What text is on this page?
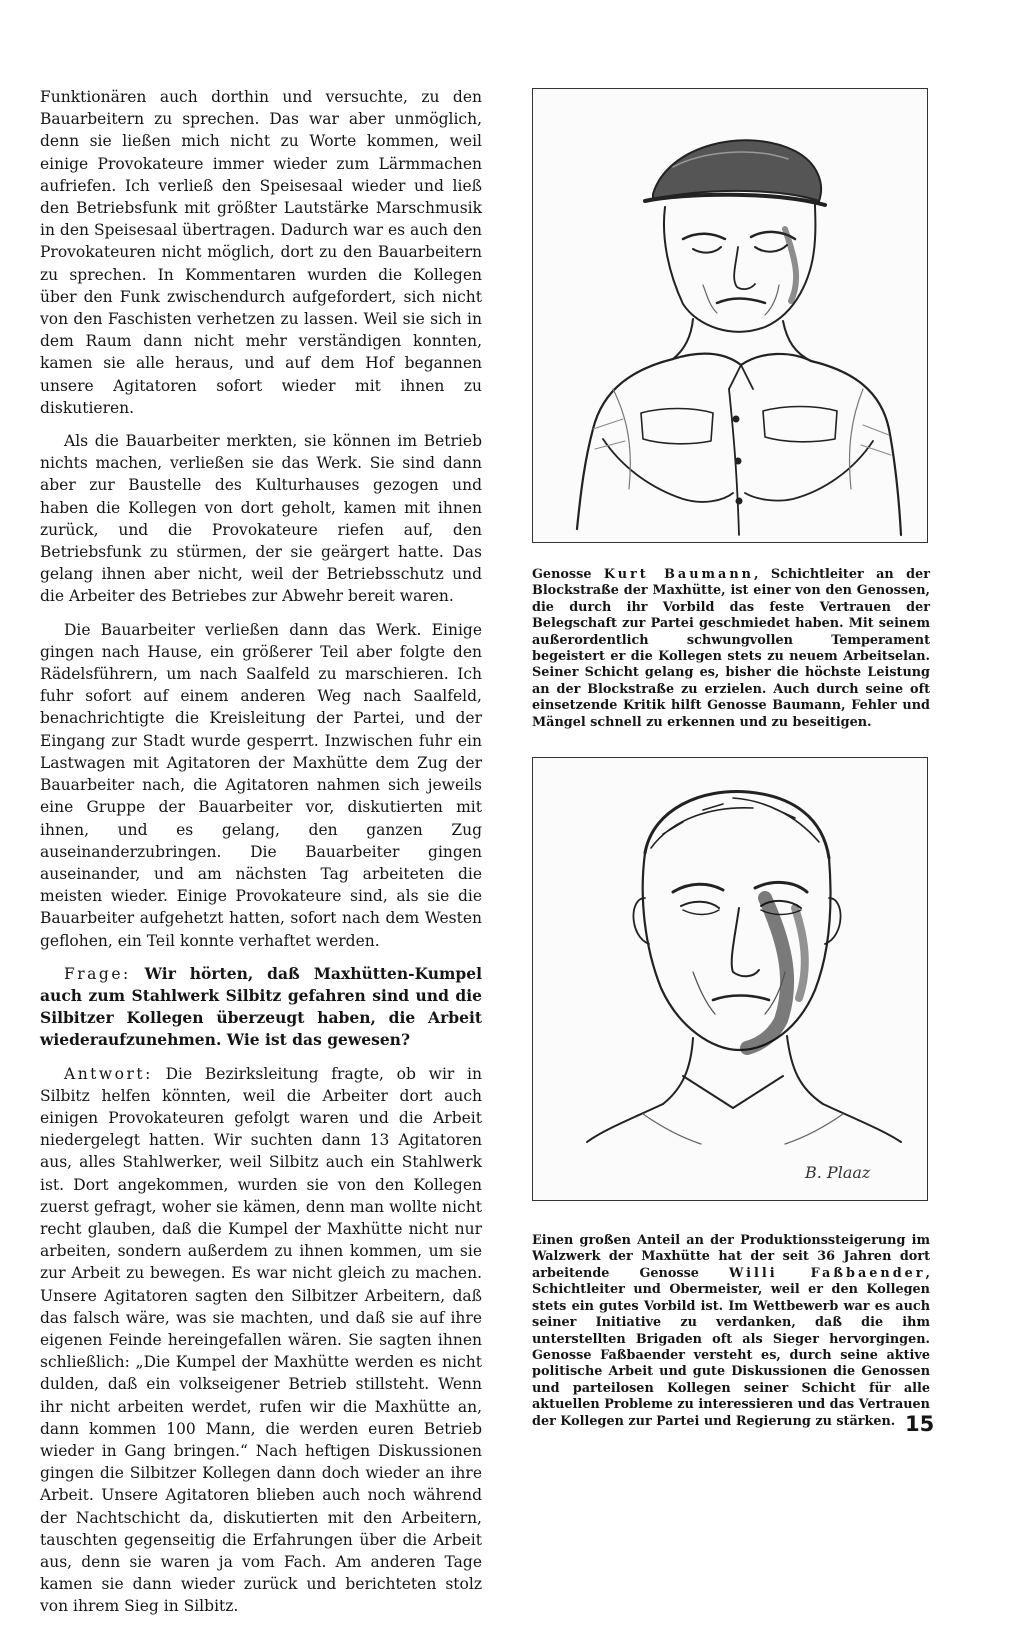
Funktionären auch dorthin und versuchte, zu den Bauarbeitern zu sprechen. Das war aber unmöglich, denn sie ließen mich nicht zu Worte kommen, weil einige Provokateure immer wieder zum Lärmmachen aufriefen. Ich verließ den Speisesaal wieder und ließ den Betriebsfunk mit größter Lautstärke Marschmusik in den Speisesaal übertragen. Dadurch war es auch den Provokateuren nicht möglich, dort zu den Bauarbeitern zu sprechen. In Kommentaren wurden die Kollegen über den Funk zwischendurch aufgefordert, sich nicht von den Faschisten verhetzen zu lassen. Weil sie sich in dem Raum dann nicht mehr verständigen konnten, kamen sie alle heraus, und auf dem Hof begannen unsere Agitatoren sofort wieder mit ihnen zu diskutieren.

Als die Bauarbeiter merkten, sie können im Betrieb nichts machen, verließen sie das Werk. Sie sind dann aber zur Baustelle des Kulturhauses gezogen und haben die Kollegen von dort geholt, kamen mit ihnen zurück, und die Provokateure riefen auf, den Betriebsfunk zu stürmen, der sie geärgert hatte. Das gelang ihnen aber nicht, weil der Betriebsschutz und die Arbeiter des Betriebes zur Abwehr bereit waren.

Die Bauarbeiter verließen dann das Werk. Einige gingen nach Hause, ein größerer Teil aber folgte den Rädelsführern, um nach Saalfeld zu marschieren. Ich fuhr sofort auf einem anderen Weg nach Saalfeld, benachrichtigte die Kreisleitung der Partei, und der Eingang zur Stadt wurde gesperrt. Inzwischen fuhr ein Lastwagen mit Agitatoren der Maxhütte dem Zug der Bauarbeiter nach, die Agitatoren nahmen sich jeweils eine Gruppe der Bauarbeiter vor, diskutierten mit ihnen, und es gelang, den ganzen Zug auseinanderzubringen. Die Bauarbeiter gingen auseinander, und am nächsten Tag arbeiteten die meisten wieder. Einige Provokateure sind, als sie die Bauarbeiter aufgehetzt hatten, sofort nach dem Westen geflohen, ein Teil konnte verhaftet werden.

Frage: Wir hörten, daß Maxhütten-Kumpel auch zum Stahlwerk Silbitz gefahren sind und die Silbitzer Kollegen überzeugt haben, die Arbeit wiederaufzunehmen. Wie ist das gewesen?

Antwort: Die Bezirksleitung fragte, ob wir in Silbitz helfen könnten, weil die Arbeiter dort auch einigen Provokateuren gefolgt waren und die Arbeit niedergelegt hatten. Wir suchten dann 13 Agitatoren aus, alles Stahlwerker, weil Silbitz auch ein Stahlwerk ist. Dort angekommen, wurden sie von den Kollegen zuerst gefragt, woher sie kämen, denn man wollte nicht recht glauben, daß die Kumpel der Maxhütte nicht nur arbeiten, sondern außerdem zu ihnen kommen, um sie zur Arbeit zu bewegen. Es war nicht gleich zu machen. Unsere Agitatoren sagten den Silbitzer Arbeitern, daß das falsch wäre, was sie machten, und daß sie auf ihre eigenen Feinde hereingefallen wären. Sie sagten ihnen schließlich: „Die Kumpel der Maxhütte werden es nicht dulden, daß ein volkseigener Betrieb stillsteht. Wenn ihr nicht arbeiten werdet, rufen wir die Maxhütte an, dann kommen 100 Mann, die werden euren Betrieb wieder in Gang bringen.“ Nach heftigen Diskussionen gingen die Silbitzer Kollegen dann doch wieder an ihre Arbeit. Unsere Agitatoren blieben auch noch während der Nachtschicht da, diskutierten mit den Arbeitern, tauschten gegenseitig die Erfahrungen über die Arbeit aus, denn sie waren ja vom Fach. Am anderen Tage kamen sie dann wieder zurück und berichteten stolz von ihrem Sieg in Silbitz.

Genosse Kurt Baumann, Schichtleiter an der Blockstraße der Maxhütte, ist einer von den Genossen, die durch ihr Vorbild das feste Vertrauen der Belegschaft zur Partei geschmiedet haben. Mit seinem außerordentlich schwungvollen Temperament begeistert er die Kollegen stets zu neuem Arbeitselan. Seiner Schicht gelang es, bisher die höchste Leistung an der Blockstraße zu erzielen. Auch durch seine oft einsetzende Kritik hilft Genosse Baumann, Fehler und Mängel schnell zu erkennen und zu beseitigen.

B. Plaaz

Einen großen Anteil an der Produktionssteigerung im Walzwerk der Maxhütte hat der seit 36 Jahren dort arbeitende Genosse Willi Faßbaender, Schichtleiter und Obermeister, weil er den Kollegen stets ein gutes Vorbild ist. Im Wettbewerb war es auch seiner Initiative zu verdanken, daß die ihm unterstellten Brigaden oft als Sieger hervorgingen. Genosse Faßbaender versteht es, durch seine aktive politische Arbeit und gute Diskussionen die Genossen und parteilosen Kollegen seiner Schicht für alle aktuellen Probleme zu interessieren und das Vertrauen der Kollegen zur Partei und Regierung zu stärken. 15
